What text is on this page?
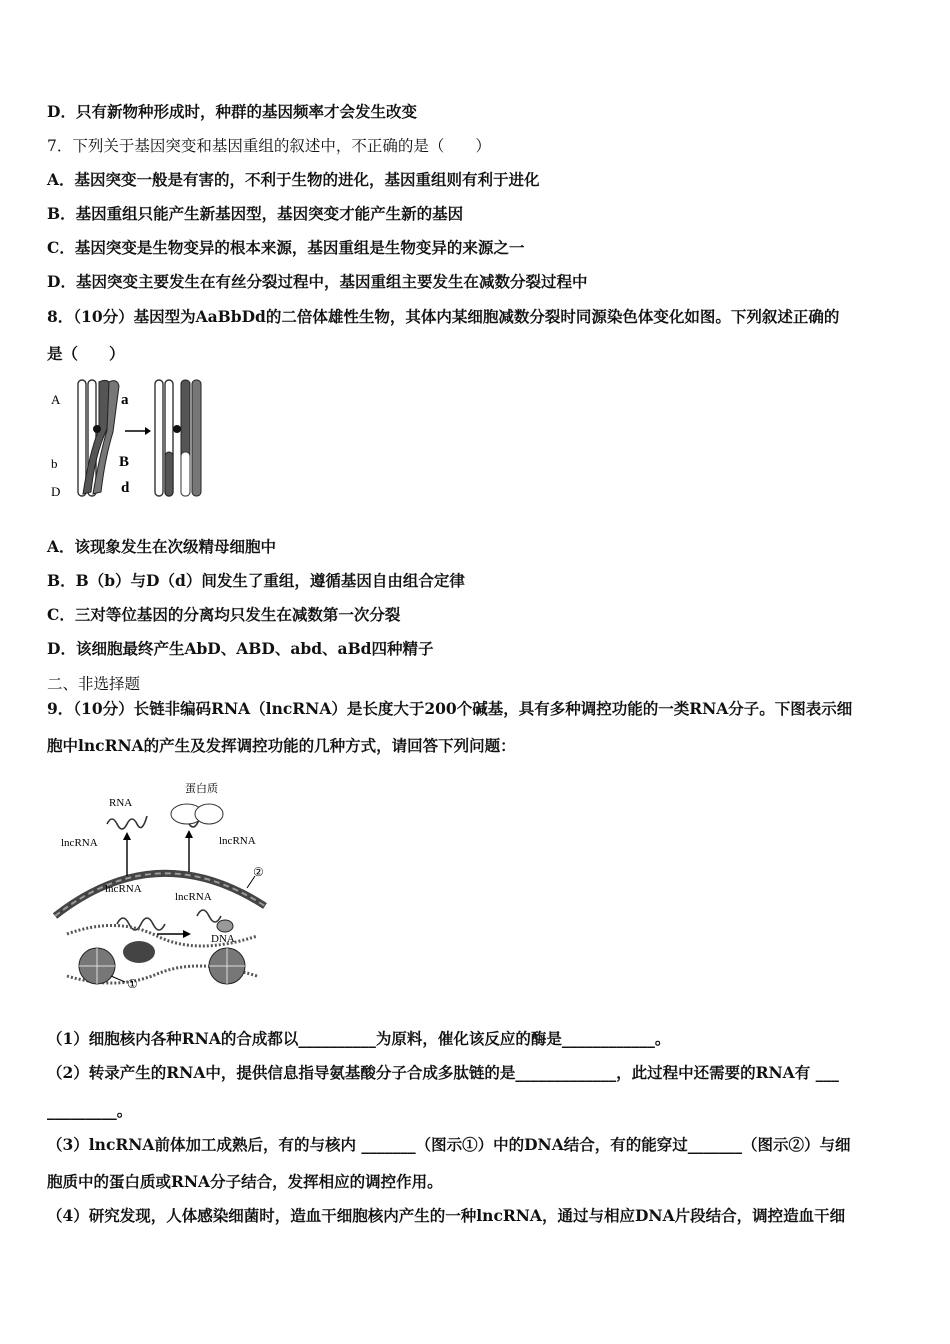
D．只有新物种形成时，种群的基因频率才会发生改变
7．下列关于基因突变和基因重组的叙述中，不正确的是（　　）
A．基因突变一般是有害的，不利于生物的进化，基因重组则有利于进化
B．基因重组只能产生新基因型，基因突变才能产生新的基因
C．基因突变是生物变异的根本来源，基因重组是生物变异的来源之一
D．基因突变主要发生在有丝分裂过程中，基因重组主要发生在减数分裂过程中
8．（10分）基因型为AaBbDd的二倍体雄性生物，其体内某细胞减数分裂时同源染色体变化如图。下列叙述正确的
是（　　）
A	a
b	B
D	d
A．该现象发生在次级精母细胞中
B．B（b）与D（d）间发生了重组，遵循基因自由组合定律
C．三对等位基因的分离均只发生在减数第一次分裂
D．该细胞最终产生AbD、ABD、abd、aBd四种精子
二、非选择题
9．（10分）长链非编码RNA（lncRNA）是长度大于200个碱基，具有多种调控功能的一类RNA分子。下图表示细
胞中lncRNA的产生及发挥调控功能的几种方式，请回答下列问题：
RNA
蛋白质
lncRNA	lncRNA
lncRNA
lncRNA
DNA
①
②
（1）细胞核内各种RNA的合成都以__________为原料，催化该反应的酶是____________。
（2）转录产生的RNA中，提供信息指导氨基酸分子合成多肽链的是_____________，此过程中还需要的RNA有 ___
_________。
（3）lncRNA前体加工成熟后，有的与核内 _______（图示①）中的DNA结合，有的能穿过_______（图示②）与细
胞质中的蛋白质或RNA分子结合，发挥相应的调控作用。
（4）研究发现，人体感染细菌时，造血干细胞核内产生的一种lncRNA，通过与相应DNA片段结合，调控造血干细
